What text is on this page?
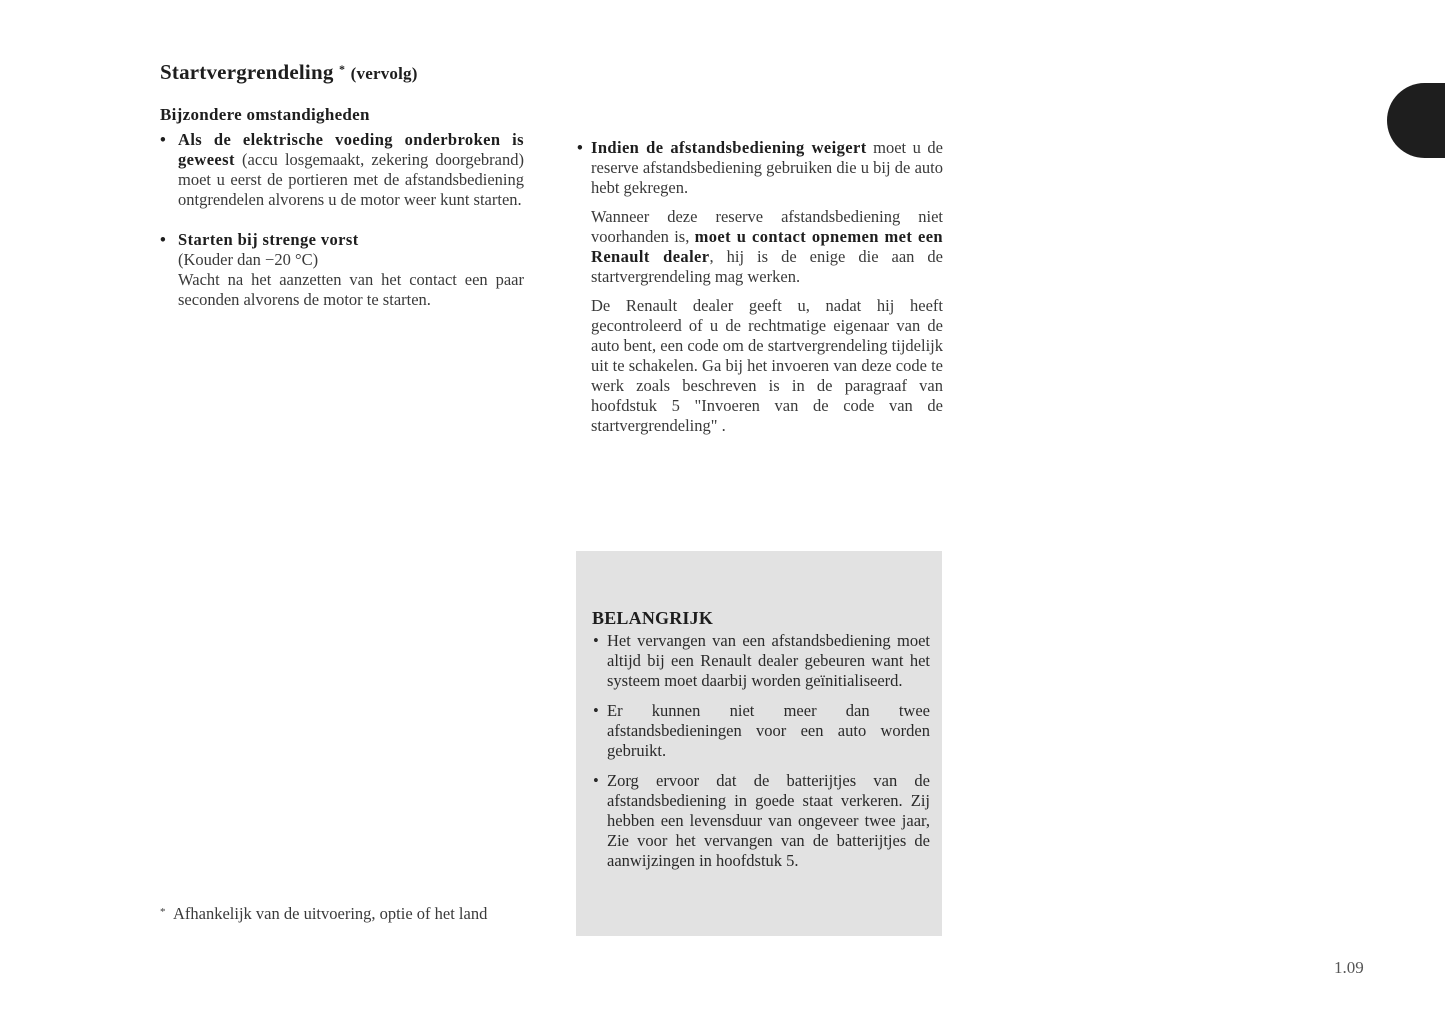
Startvergrendeling * (vervolg)
Bijzondere omstandigheden
• Als de elektrische voeding onderbroken is geweest (accu losgemaakt, zekering doorgebrand) moet u eerst de portieren met de afstandsbediening ontgrendelen alvorens u de motor weer kunt starten.

• Starten bij strenge vorst

(Kouder dan −20 °C)

Wacht na het aanzetten van het contact een paar seconden alvorens de motor te starten.

• Indien de afstandsbediening weigert moet u de reserve afstandsbediening gebruiken die u bij de auto hebt gekregen.

Wanneer deze reserve afstandsbediening niet voorhanden is, moet u contact opnemen met een Renault dealer, hij is de enige die aan de startvergrendeling mag werken.

De Renault dealer geeft u, nadat hij heeft gecontroleerd of u de rechtmatige eigenaar van de auto bent, een code om de startvergrendeling tijdelijk uit te schakelen. Ga bij het invoeren van deze code te werk zoals beschreven is in de paragraaf van hoofdstuk 5 "Invoeren van de code van de startvergrendeling" .

BELANGRIJK
• Het vervangen van een afstandsbediening moet altijd bij een Renault dealer gebeuren want het systeem moet daarbij worden geïnitialiseerd.
• Er kunnen niet meer dan twee afstandsbedieningen voor een auto worden gebruikt.
• Zorg ervoor dat de batterijtjes van de afstandsbediening in goede staat verkeren. Zij hebben een levensduur van ongeveer twee jaar, Zie voor het vervangen van de batterijtjes de aanwijzingen in hoofdstuk 5.
* Afhankelijk van de uitvoering, optie of het land
1.09
